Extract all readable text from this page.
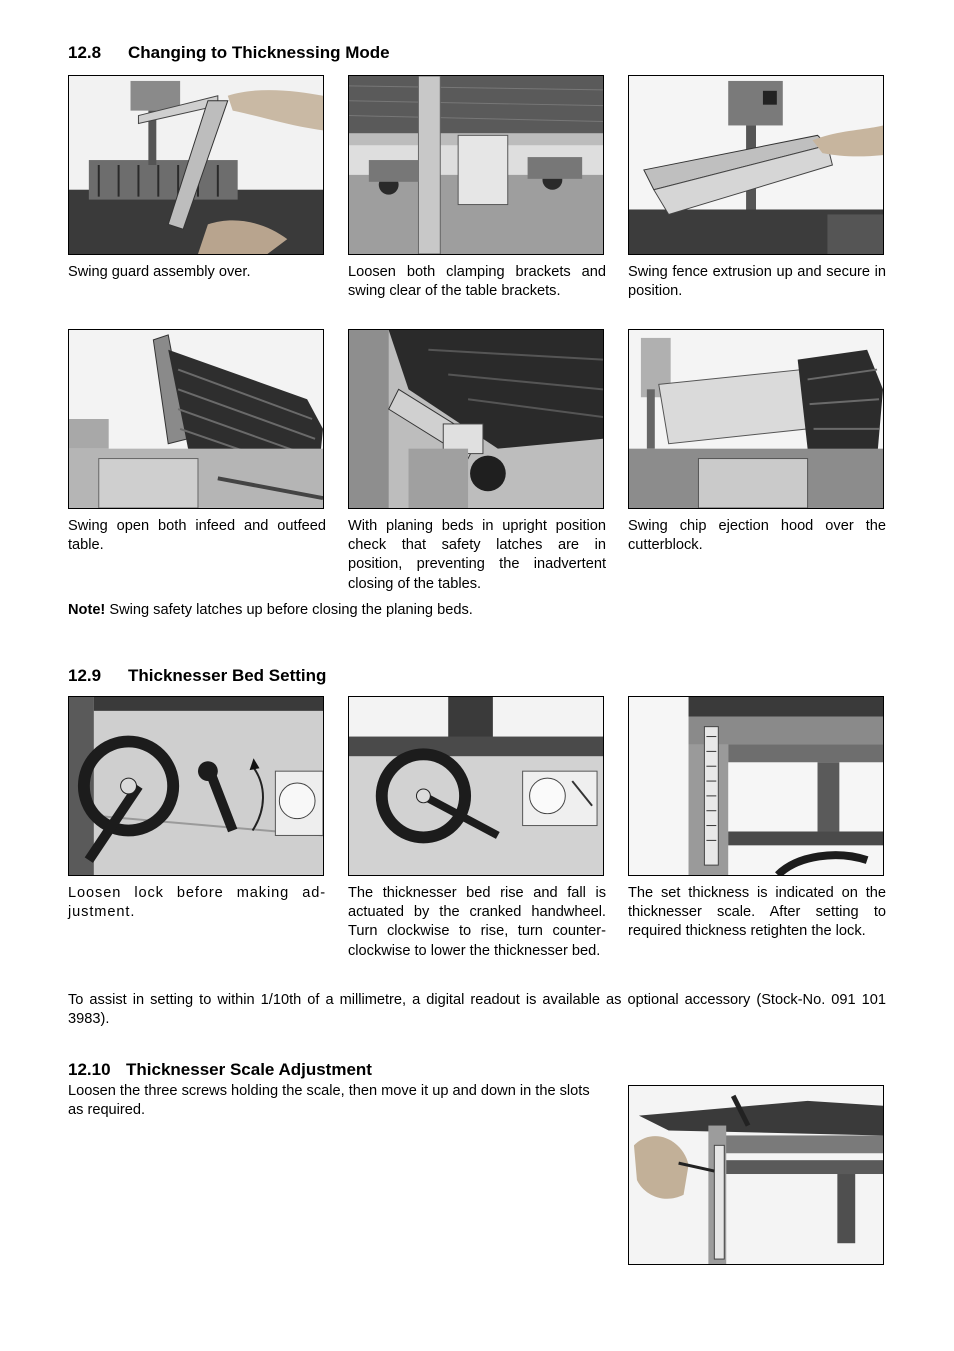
12.8 Changing to Thicknessing Mode
Swing guard assembly over.	Loosen both clamping brackets and swing clear of the table brackets.
Swing fence extrusion up and secure in position.
Swing open both infeed and outfeed table.
With planing beds in upright position check that safety latches are in position, preventing the inadvertent closing of the tables.
Swing chip ejection hood over the cutterblock.
Note! Swing safety latches up before closing the planing beds.
12.9 Thicknesser Bed Setting
Loosen lock before making ad-justment.
The thicknesser bed rise and fall is actuated by the cranked handwheel. Turn clockwise to rise, turn counter-clockwise to lower the thicknesser bed.
The set thickness is indicated on the thicknesser scale. After setting to required thickness retighten the lock.
To assist in setting to within 1/10th of a millimetre, a digital readout is available as optional accessory (Stock-No. 091 101 3983).
12.10 Thicknesser Scale Adjustment
Loosen the three screws holding the scale, then move it up and down in the slots as required.
